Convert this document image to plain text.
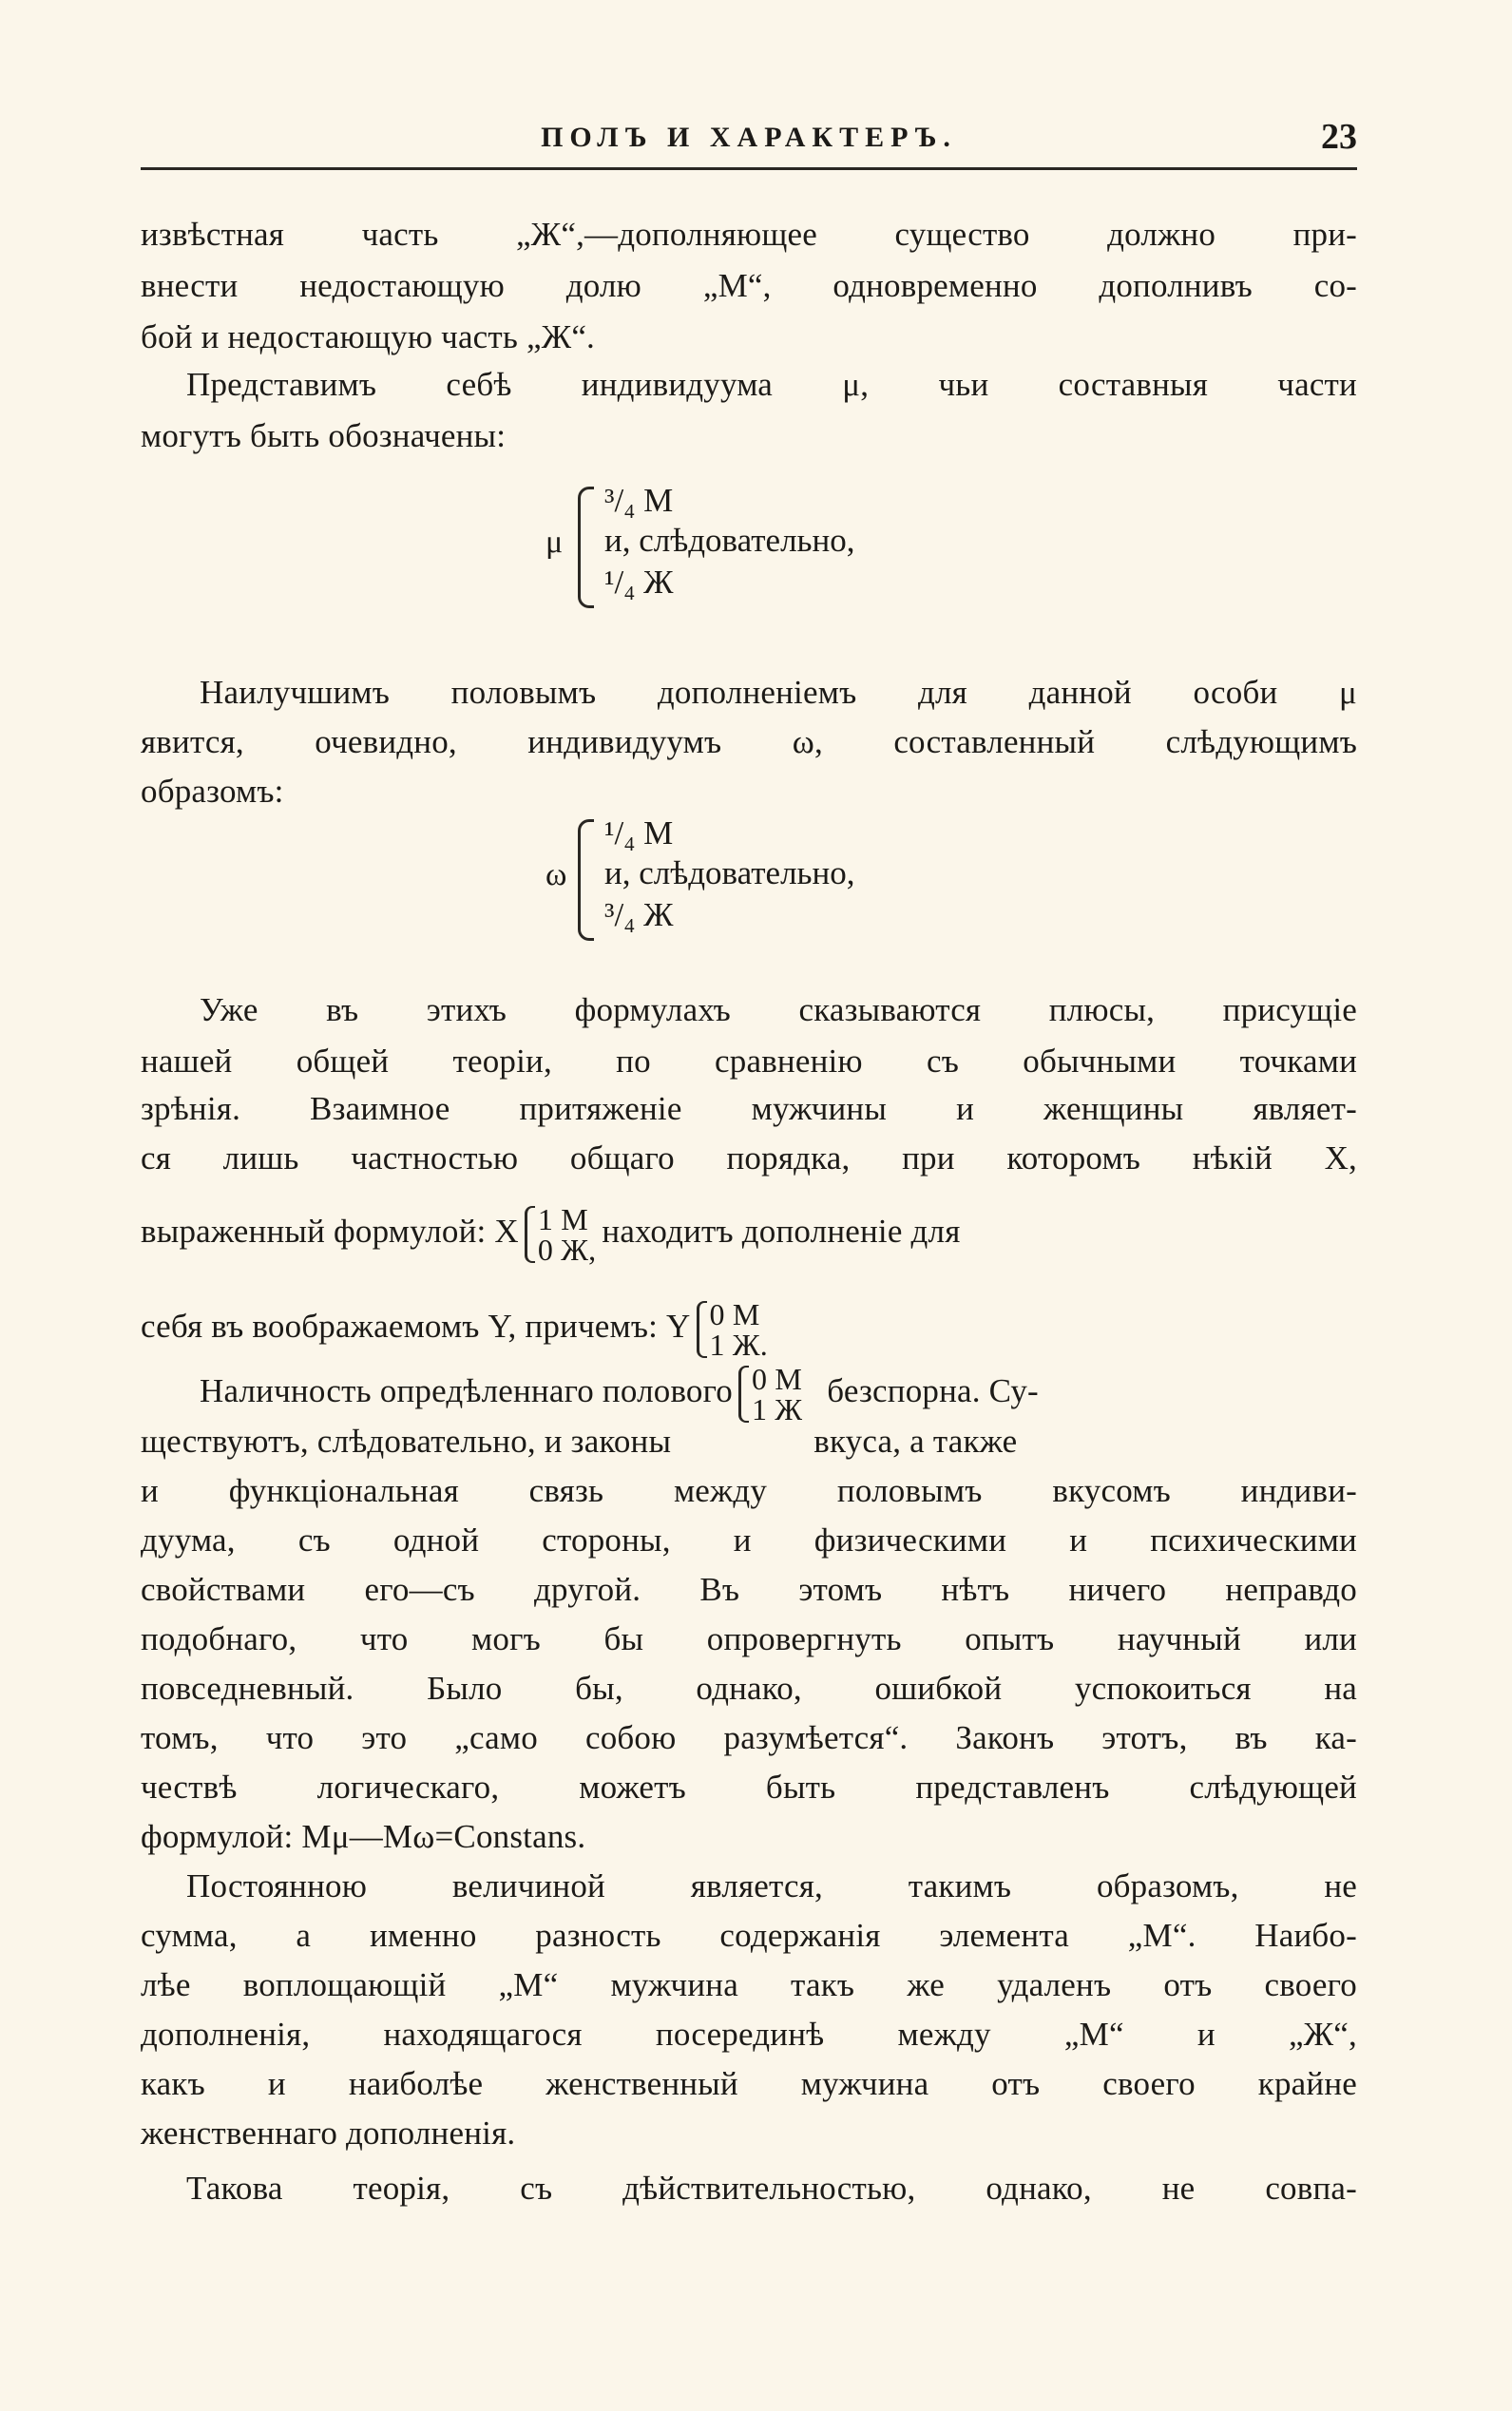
ПОЛЪ И ХАРАКТЕРЪ.	23
извѣстная часть „Ж“,—дополняющее существо должно при-
внести недостающую долю „М“, одновременно дополнивъ со-
бой и недостающую часть „Ж“.
Представимъ себѣ индивидуума μ, чьи составныя части
могутъ быть обозначены:
μ
³/₄ М
и, слѣдовательно,
¹/₄ Ж
Наилучшимъ половымъ дополненiемъ для данной особи μ
явится, очевидно, индивидуумъ ω, составленный слѣдующимъ
образомъ:
ω
¹/₄ М
и, слѣдовательно,
³/₄ Ж
Уже въ этихъ формулахъ сказываются плюсы, присущiе
нашей общей теорiи, по сравненiю съ обычными точками
зрѣнiя. Взаимное притяженiе мужчины и женщины являет-
ся лишь частностью общаго порядка, при которомъ нѣкiй X,
выраженный формулой: X 1 М
0 Ж, находитъ дополненiе для
себя въ воображаемомъ Y, причемъ: Y 0 М
1 Ж.
Наличность опредѣленнаго полового 0 М
1 Ж безспорна. Су-
ществуютъ, слѣдовательно, и законы	вкуса, а также
и функцiональная связь между половымъ вкусомъ индиви-
дуума, съ одной стороны, и физическими и психическими
свойствами его—съ другой. Въ этомъ нѣтъ ничего неправдо
подобнаго, что могъ бы опровергнуть опытъ научный или
повседневный. Было бы, однако, ошибкой успокоиться на
томъ, что это „само собою разумѣется“. Законъ этотъ, въ ка-
чествѣ логическаго, можетъ быть представленъ слѣдующей
формулой: Mμ—Mω=Constans.
Постоянною величиной является, такимъ образомъ, не
сумма, а именно разность содержанiя элемента „М“. Наибо-
лѣе воплощающiй „М“ мужчина такъ же удаленъ отъ своего
дополненiя, находящагося посерединѣ между „М“ и „Ж“,
какъ и наиболѣе женственный мужчина отъ своего крайне
женственнаго дополненiя.
Такова теорiя, съ дѣйствительностью, однако, не совпа-
